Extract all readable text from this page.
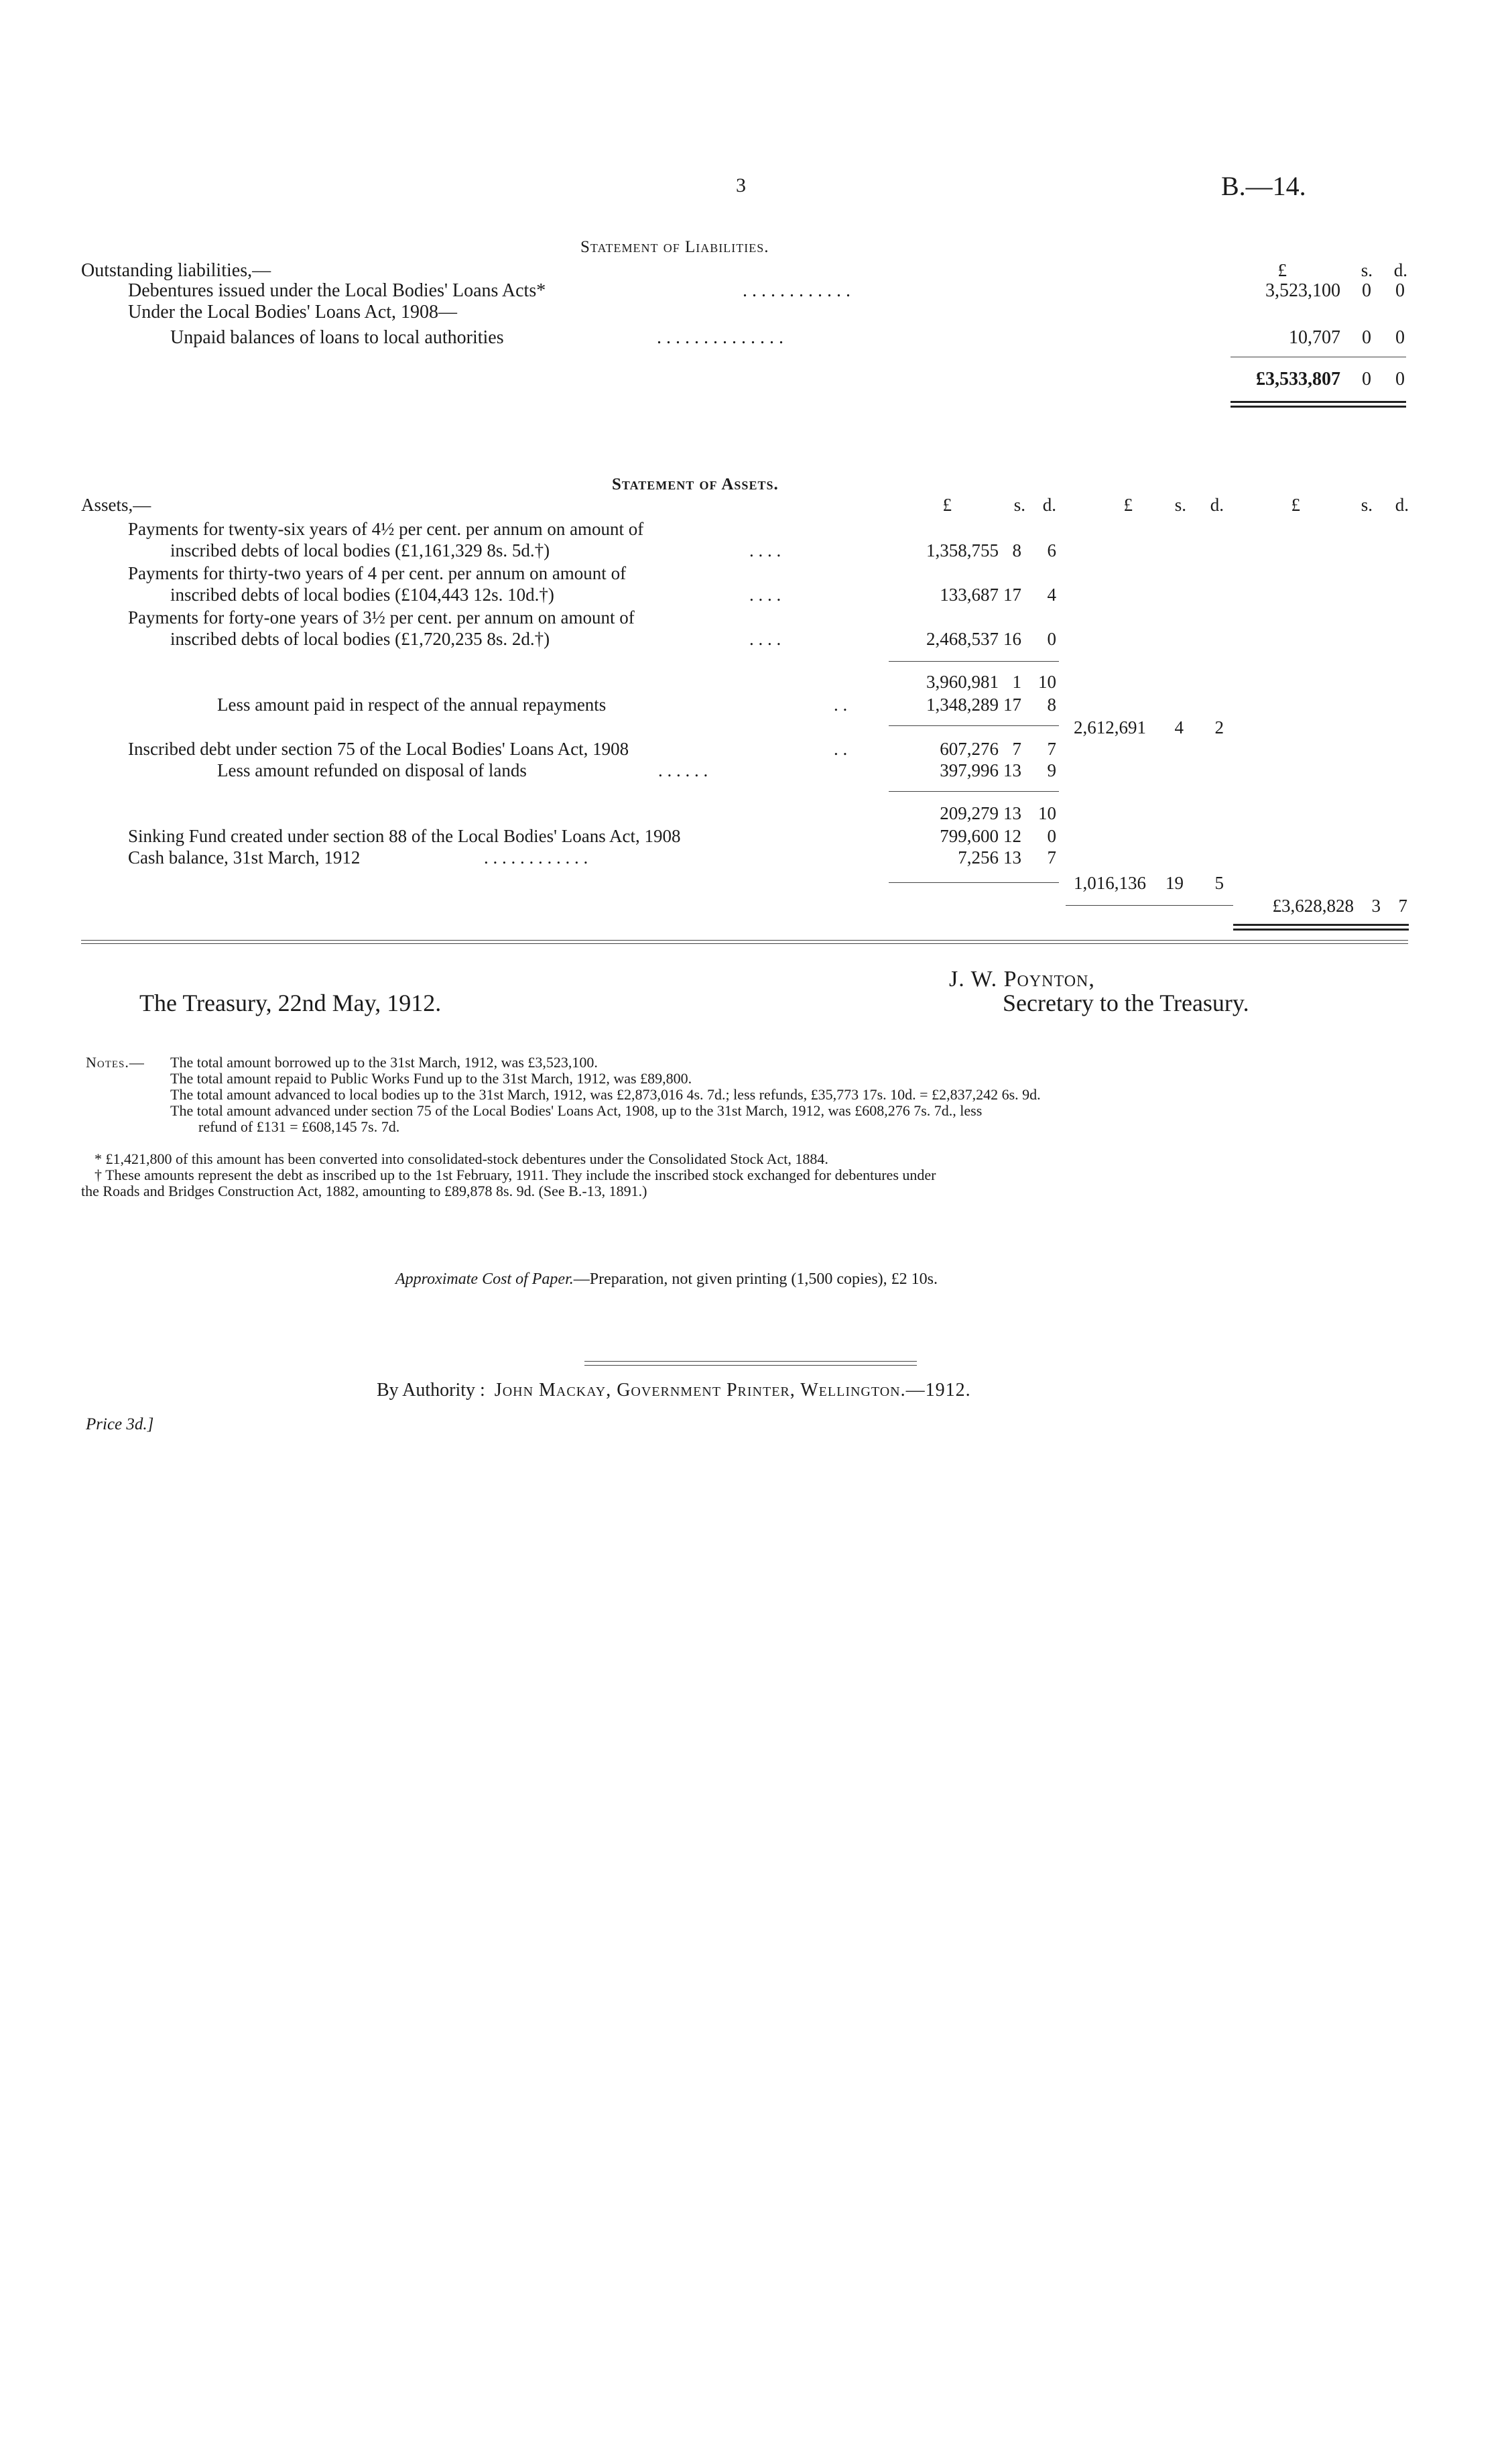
3	B.—14.
Statement of Liabilities.
£	s.	d.
Outstanding liabilities,—
Debentures issued under the Local Bodies' Loans Acts*	. . . . . . . . . . . .	3,523,100	0	0
Under the Local Bodies' Loans Act, 1908—
Unpaid balances of loans to local authorities	. . . . . . . . . . . . . .	10,707	0	0
£3,533,807	0	0
Statement of Assets.
Assets,—	£	s. d.	£	s.	d.	£	s.	d.
Payments for twenty-six years of 4½ per cent. per annum on amount of
inscribed debts of local bodies (£1,161,329 8s. 5d.†)	. . . .	1,358,755 8	6
Payments for thirty-two years of 4 per cent. per annum on amount of
inscribed debts of local bodies (£104,443 12s. 10d.†)	. . . .	133,687 17	4
Payments for forty-one years of 3½ per cent. per annum on amount of
inscribed debts of local bodies (£1,720,235 8s. 2d.†)	. . . .	2,468,537 16	0
3,960,981 1 10
Less amount paid in respect of the annual repayments	. .	1,348,289 17	8
2,612,691	4	2
Inscribed debt under section 75 of the Local Bodies' Loans Act, 1908	. .	607,276 7	7
Less amount refunded on disposal of lands	. . . . . .	397,996 13	9
209,279 13 10
Sinking Fund created under section 88 of the Local Bodies' Loans Act, 1908	799,600 12	0
Cash balance, 31st March, 1912	. . . . . . . . . . . .	7,256 13	7
1,016,136	19	5
£3,628,828 3 7
The Treasury, 22nd May, 1912.
J. W. Poynton,
Secretary to the Treasury.
Notes.— The total amount borrowed up to the 31st March, 1912, was £3,523,100.
The total amount repaid to Public Works Fund up to the 31st March, 1912, was £89,800.
The total amount advanced to local bodies up to the 31st March, 1912, was £2,873,016 4s. 7d.; less refunds, £35,773 17s. 10d. = £2,837,242 6s. 9d.
The total amount advanced under section 75 of the Local Bodies' Loans Act, 1908, up to the 31st March, 1912, was £608,276 7s. 7d., less
refund of £131 = £608,145 7s. 7d.
* £1,421,800 of this amount has been converted into consolidated-stock debentures under the Consolidated Stock Act, 1884.
† These amounts represent the debt as inscribed up to the 1st February, 1911. They include the inscribed stock exchanged for debentures under
the Roads and Bridges Construction Act, 1882, amounting to £89,878 8s. 9d. (See B.-13, 1891.)
Approximate Cost of Paper.—Preparation, not given printing (1,500 copies), £2 10s.
By Authority : John Mackay, Government Printer, Wellington.—1912.
Price 3d.]
